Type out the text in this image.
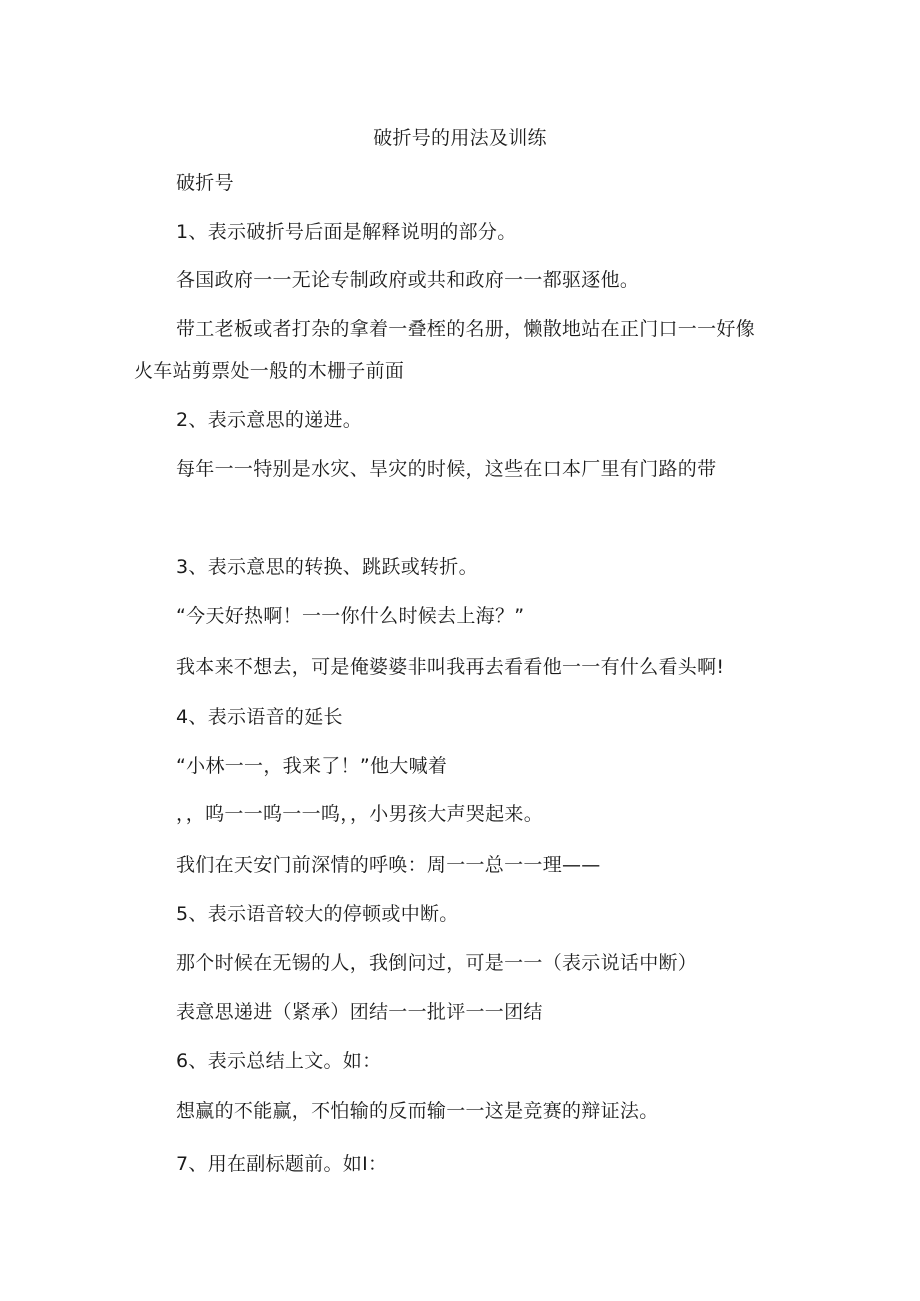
破折号的用法及训练
破折号
1、表示破折号后面是解释说明的部分。
各国政府一一无论专制政府或共和政府一一都驱逐他。
带工老板或者打杂的拿着一叠桎的名册，懒散地站在正门口一一好像
火车站剪票处一般的木栅子前面
2、表示意思的递进。
每年一一特别是水灾、旱灾的时候，这些在口本厂里有门路的带
3、表示意思的转换、跳跃或转折。
“今天好热啊！一一你什么时候去上海？”
我本来不想去，可是俺婆婆非叫我再去看看他一一有什么看头啊!
4、表示语音的延长
“小林一一，我来了！”他大喊着
，，呜一一呜一一呜，，小男孩大声哭起来。
我们在天安门前深情的呼唤：周一一总一一理——
5、表示语音较大的停顿或中断。
那个时候在无锡的人，我倒问过，可是一一（表示说话中断）
表意思递进（紧承）团结一一批评一一团结
6、表示总结上文。如：
想赢的不能赢，不怕输的反而输一一这是竞赛的辩证法。
7、用在副标题前。如I：
